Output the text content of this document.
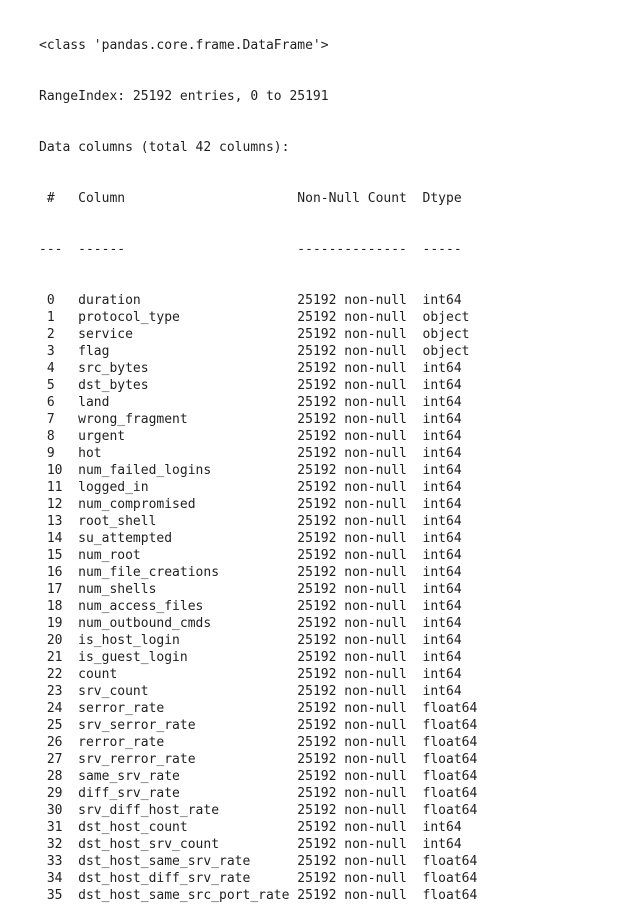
<class 'pandas.core.frame.DataFrame'>

RangeIndex: 25192 entries, 0 to 25191

Data columns (total 42 columns):

#   Column                      Non-Null Count  Dtype

---  ------                      --------------  -----

0   duration                    25192 non-null  int64
1   protocol_type               25192 non-null  object
2   service                     25192 non-null  object
3   flag                        25192 non-null  object
4   src_bytes                   25192 non-null  int64
5   dst_bytes                   25192 non-null  int64
6   land                        25192 non-null  int64
7   wrong_fragment              25192 non-null  int64
8   urgent                      25192 non-null  int64
9   hot                         25192 non-null  int64
10  num_failed_logins           25192 non-null  int64
11  logged_in                   25192 non-null  int64
12  num_compromised             25192 non-null  int64
13  root_shell                  25192 non-null  int64
14  su_attempted                25192 non-null  int64
15  num_root                    25192 non-null  int64
16  num_file_creations          25192 non-null  int64
17  num_shells                  25192 non-null  int64
18  num_access_files            25192 non-null  int64
19  num_outbound_cmds           25192 non-null  int64
20  is_host_login               25192 non-null  int64
21  is_guest_login              25192 non-null  int64
22  count                       25192 non-null  int64
23  srv_count                   25192 non-null  int64
24  serror_rate                 25192 non-null  float64
25  srv_serror_rate             25192 non-null  float64
26  rerror_rate                 25192 non-null  float64
27  srv_rerror_rate             25192 non-null  float64
28  same_srv_rate               25192 non-null  float64
29  diff_srv_rate               25192 non-null  float64
30  srv_diff_host_rate          25192 non-null  float64
31  dst_host_count              25192 non-null  int64
32  dst_host_srv_count          25192 non-null  int64
33  dst_host_same_srv_rate      25192 non-null  float64
34  dst_host_diff_srv_rate      25192 non-null  float64
35  dst_host_same_src_port_rate 25192 non-null  float64
